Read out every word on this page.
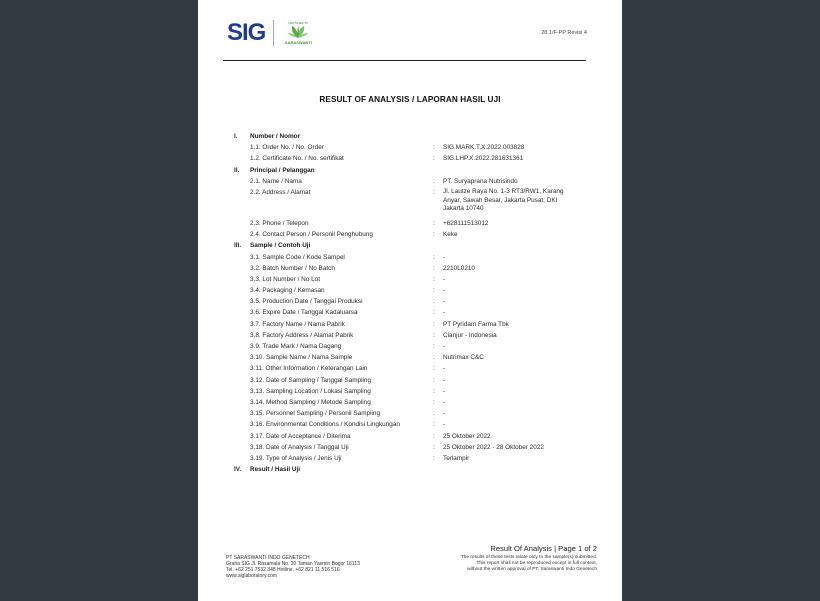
SIG	CERTIFIED BY
SARASWANTI
28.1/F-PP Revisi 4
RESULT OF ANALYSIS / LAPORAN HASIL UJI
I. Number / Nomor
1.1. Order No. / No. Order	: SIG.MARK.T.X.2022.003828
1.2. Certificate No. / No. sertifikat	: SIG.LHP.X.2022.281631361
II. Principal / Pelanggan
2.1. Name / Nama	: PT. Suryaprana Nutrisindo
2.2. Address / Alamat	: Jl. Lautze Raya No. 1-3 RT3/RW1, Karang Anyar, Sawah Besar, Jakarta Pusat, DKI Jakarta 10740
2.3. Phone / Telepon	: +628111513012
2.4. Contact Person / Personil Penghubung	: Keke
III. Sample / Contoh Uji
3.1. Sample Code / Kode Sampel	: -
3.2. Batch Number / No Batch	: 2210L0210
3.3. Lot Number / No Lot	: -
3.4. Packaging / Kemasan	: -
3.5. Production Date / Tanggal Produksi	: -
3.6. Expire Date / Tanggal Kadaluarsa	: -
3.7. Factory Name / Nama Pabrik	: PT Pyridam Farma Tbk
3.8. Factory Address / Alamat Pabrik	: Cianjur - Indonesia
3.9. Trade Mark / Nama Dagang	: -
3.10. Sample Name / Nama Sample	: Nutrimax C&C
3.11. Other Information / Keterangan Lain	: -
3.12. Date of Sampling / Tanggal Sampling	: -
3.13. Sampling Location / Lokasi Sampling	: -
3.14. Method Sampling / Metode Sampling	: -
3.15. Personnel Sampling / Personil Sampling	: -
3.16. Environmental Conditions / Kondisi Lingkungan	: -
3.17. Date of Acceptance / Diterima	: 25 Oktober 2022
3.18. Date of Analysis / Tanggal Uji	: 25 Oktober 2022 - 28 Oktober 2022
3.19. Type of Analysis / Jenis Uji	: Terlampir
IV. Result / Hasil Uji
Result Of Analysis | Page 1 of 2
PT SARASWANTI INDO GENETECH
Graha SIG Jl. Rasamala No. 20 Taman Yasmin Bogor 16113
Tel. +62 251 7532 348 Hotline. +62 821 11 516 516
www.siglaboratory.com
The results of these tests relate only to the sample(s) submitted.
This report shall not be reproduced except in full context,
without the written approval of PT. Saraswanti Indo Genetech
